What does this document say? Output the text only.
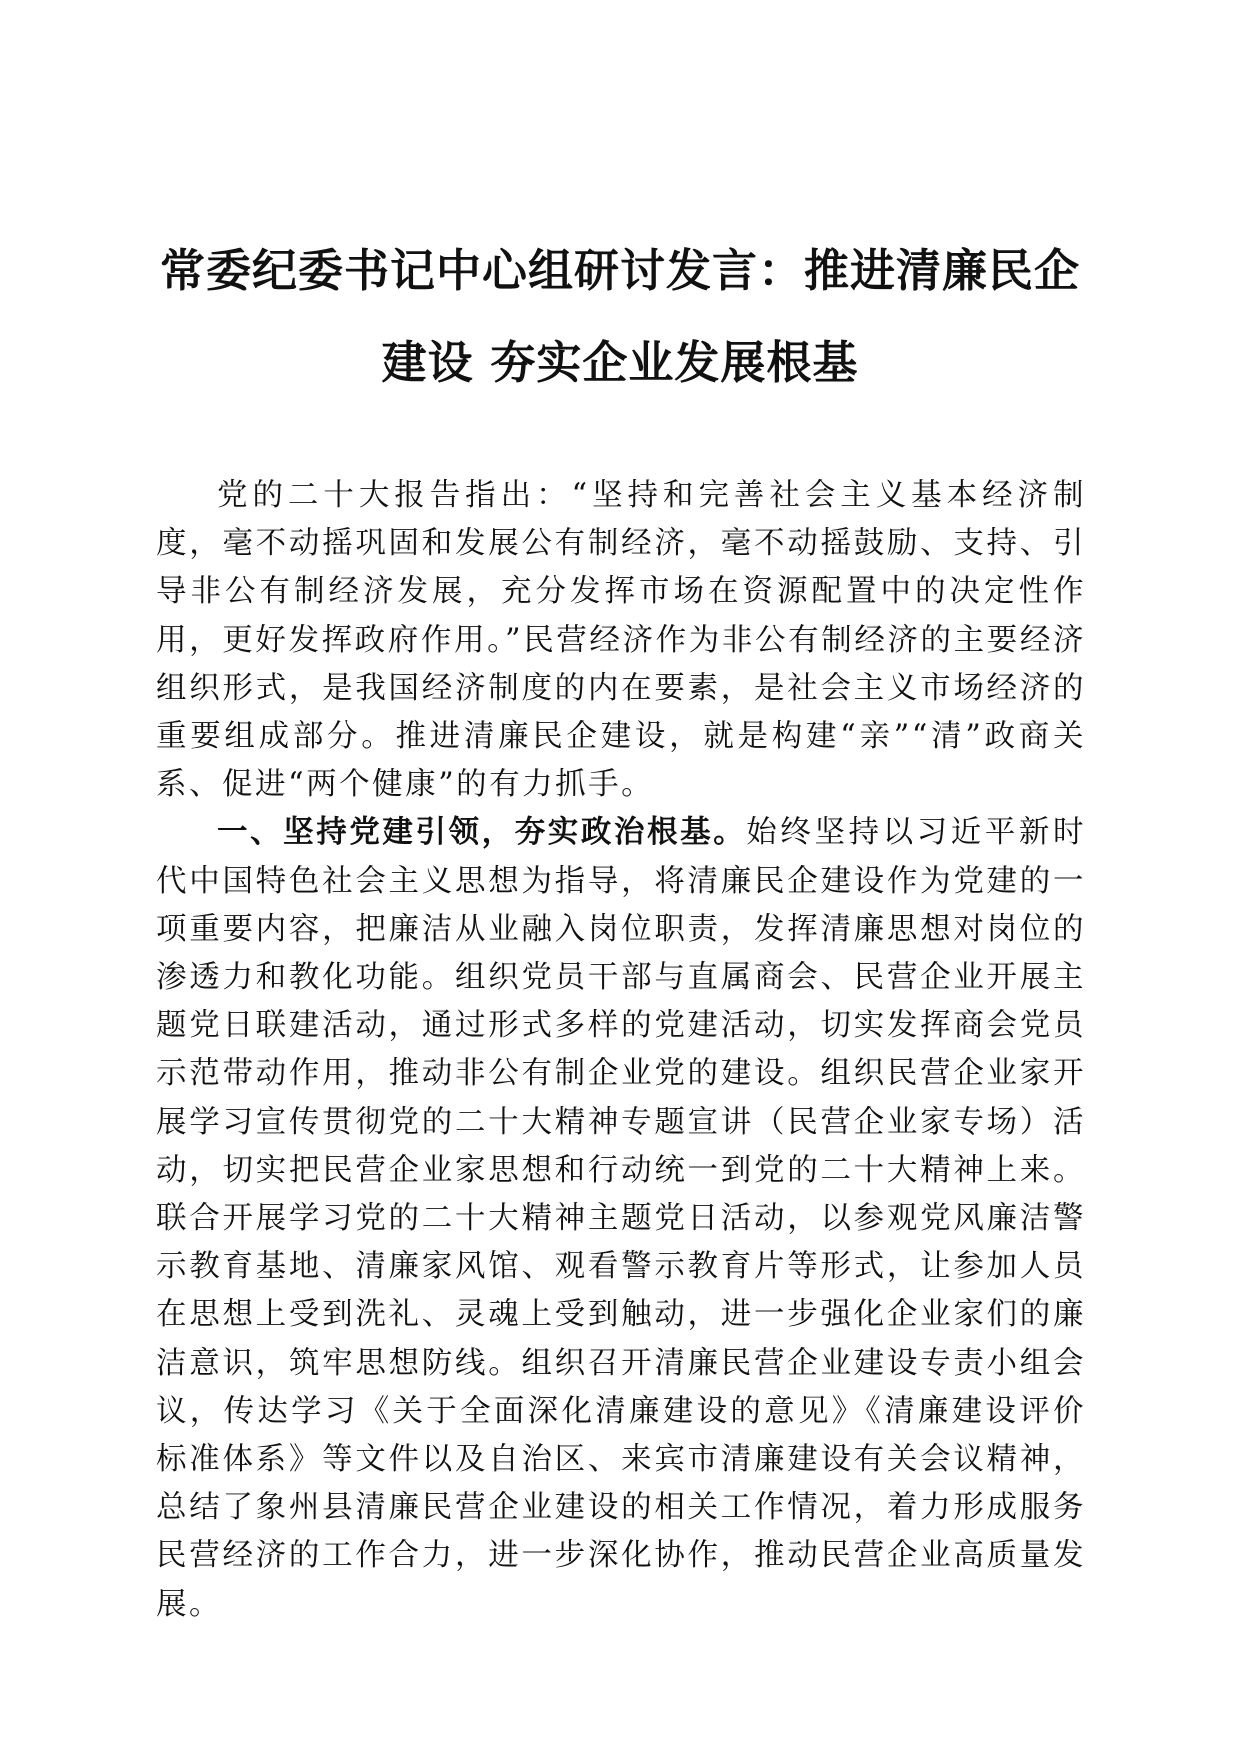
常委纪委书记中心组研讨发言：推进清廉民企
建设 夯实企业发展根基

党的二十大报告指出：“坚持和完善社会主义基本经济制度，毫不动摇巩固和发展公有制经济，毫不动摇鼓励、支持、引导非公有制经济发展，充分发挥市场在资源配置中的决定性作用，更好发挥政府作用。”民营经济作为非公有制经济的主要经济组织形式，是我国经济制度的内在要素，是社会主义市场经济的重要组成部分。推进清廉民企建设，就是构建“亲”“清”政商关系、促进“两个健康”的有力抓手。

一、坚持党建引领，夯实政治根基。始终坚持以习近平新时代中国特色社会主义思想为指导，将清廉民企建设作为党建的一项重要内容，把廉洁从业融入岗位职责，发挥清廉思想对岗位的渗透力和教化功能。组织党员干部与直属商会、民营企业开展主题党日联建活动，通过形式多样的党建活动，切实发挥商会党员示范带动作用，推动非公有制企业党的建设。组织民营企业家开展学习宣传贯彻党的二十大精神专题宣讲（民营企业家专场）活动，切实把民营企业家思想和行动统一到党的二十大精神上来。联合开展学习党的二十大精神主题党日活动，以参观党风廉洁警示教育基地、清廉家风馆、观看警示教育片等形式，让参加人员在思想上受到洗礼、灵魂上受到触动，进一步强化企业家们的廉洁意识，筑牢思想防线。组织召开清廉民营企业建设专责小组会议，传达学习《关于全面深化清廉建设的意见》《清廉建设评价标准体系》等文件以及自治区、来宾市清廉建设有关会议精神，总结了象州县清廉民营企业建设的相关工作情况，着力形成服务民营经济的工作合力，进一步深化协作，推动民营企业高质量发展。
